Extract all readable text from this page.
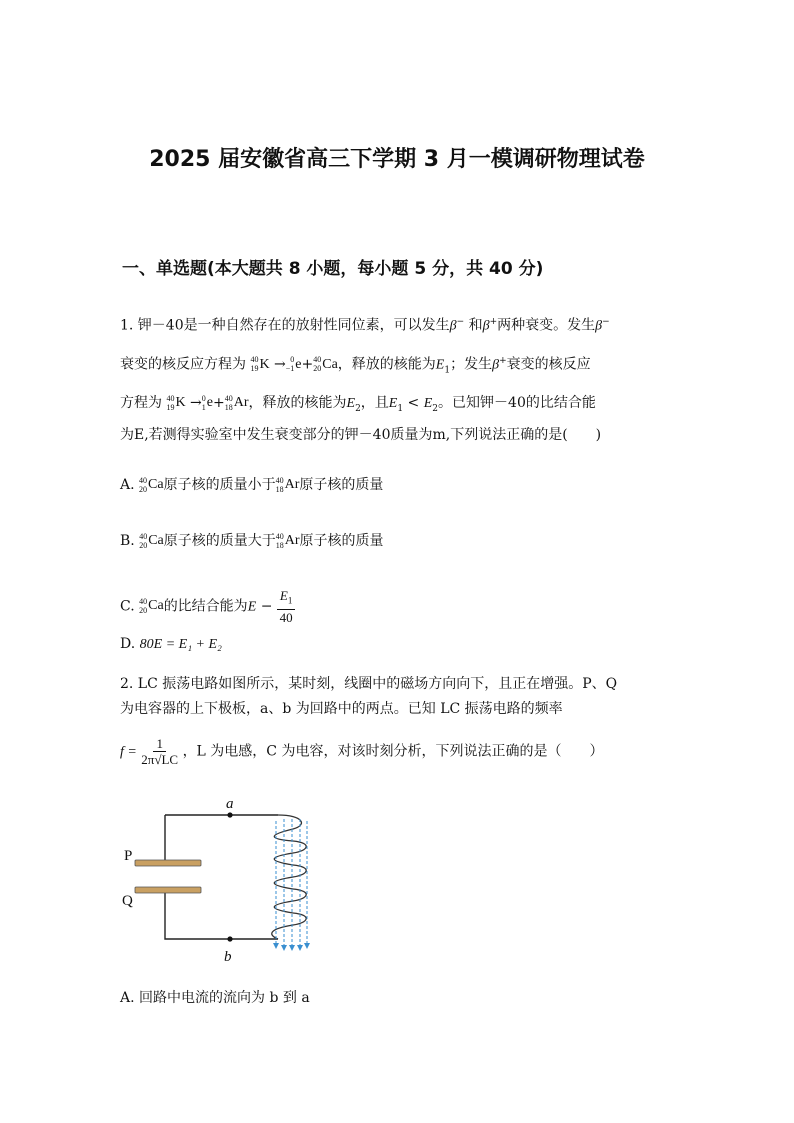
2025 届安徽省高三下学期 3 月一模调研物理试卷
一、单选题(本大题共 8 小题，每小题 5 分，共 40 分)
1. 钾－40是一种自然存在的放射性同位素，可以发生β− 和β+两种衰变。发生β−
衰变的核反应方程为 40
19 K → 0
−1 e+ 40
20 Ca，释放的核能为$E_1$；发生β+衰变的核反应
方程为 40
19 K → 0
1 e+ 40
18 Ar，释放的核能为$E_2$，且$E_1 < E_2$。已知钾－40的比结合能
为E,若测得实验室中发生衰变部分的钾－40质量为m,下列说法正确的是(　　)
A. 40
20 Ca原子核的质量小于 40
18 Ar原子核的质量
B. 40
20 Ca原子核的质量大于 40
18 Ar原子核的质量
C. 40
20 Ca的比结合能为$E - \frac{E_1}{40}$
D. 80E = E₁ + E₂
2. LC 振荡电路如图所示，某时刻，线圈中的磁场方向向下，且正在增强。P、Q
为电容器的上下极板，a、b 为回路中的两点。已知 LC 振荡电路的频率
$f = \frac{1}{2\pi√LC}$ ，L 为电感，C 为电容，对该时刻分析，下列说法正确的是（　　）
a
b
P
Q
A. 回路中电流的流向为 b 到 a
